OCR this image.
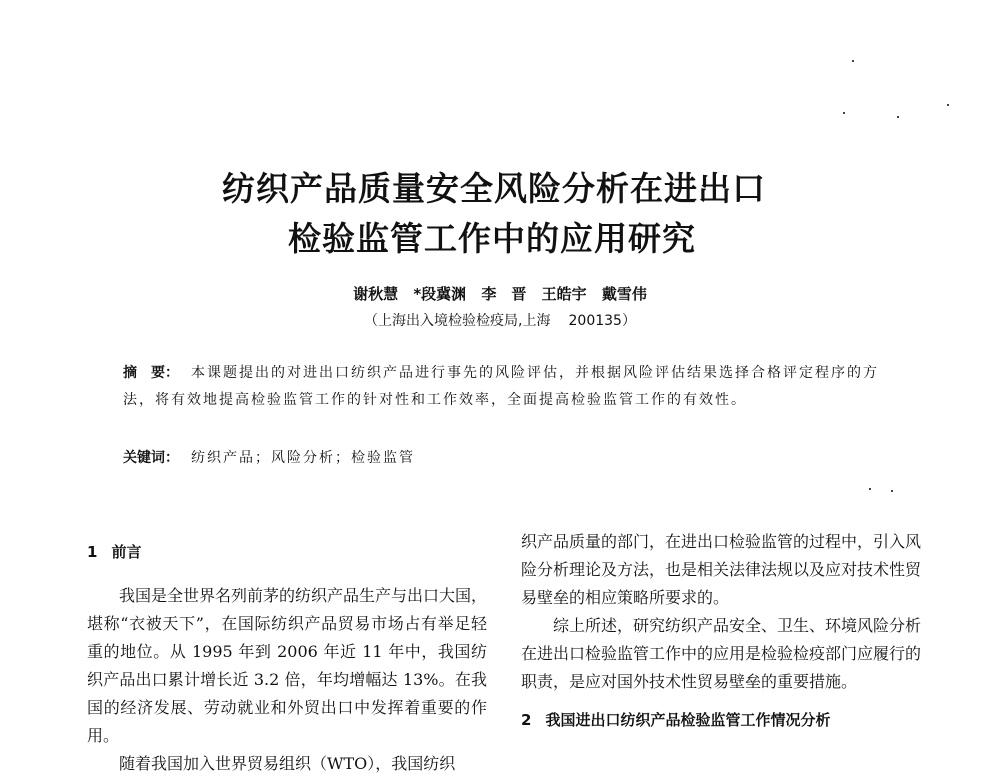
纺织产品质量安全风险分析在进出口
检验监管工作中的应用研究
谢秋慧 *段冀渊 李　晋 王皓宇 戴雪伟
（上海出入境检验检疫局,上海 200135）
摘　要： 本课题提出的对进出口纺织产品进行事先的风险评估，并根据风险评估结果选择合格评定程序的方法，将有效地提高检验监管工作的针对性和工作效率，全面提高检验监管工作的有效性。
关键词： 纺织产品；风险分析；检验监管
1 前言

我国是全世界名列前茅的纺织产品生产与出口大国，堪称“衣被天下”，在国际纺织产品贸易市场占有举足轻重的地位。从 1995 年到 2006 年近 11 年中，我国纺织产品出口累计增长近 3.2 倍，年均增幅达 13%。在我国的经济发展、劳动就业和外贸出口中发挥着重要的作用。

随着我国加入世界贸易组织（WTO），我国纺织

织产品质量的部门，在进出口检验监管的过程中，引入风险分析理论及方法，也是相关法律法规以及应对技术性贸易壁垒的相应策略所要求的。

综上所述，研究纺织产品安全、卫生、环境风险分析在进出口检验监管工作中的应用是检验检疫部门应履行的职责，是应对国外技术性贸易壁垒的重要措施。

2 我国进出口纺织产品检验监管工作情况分析
